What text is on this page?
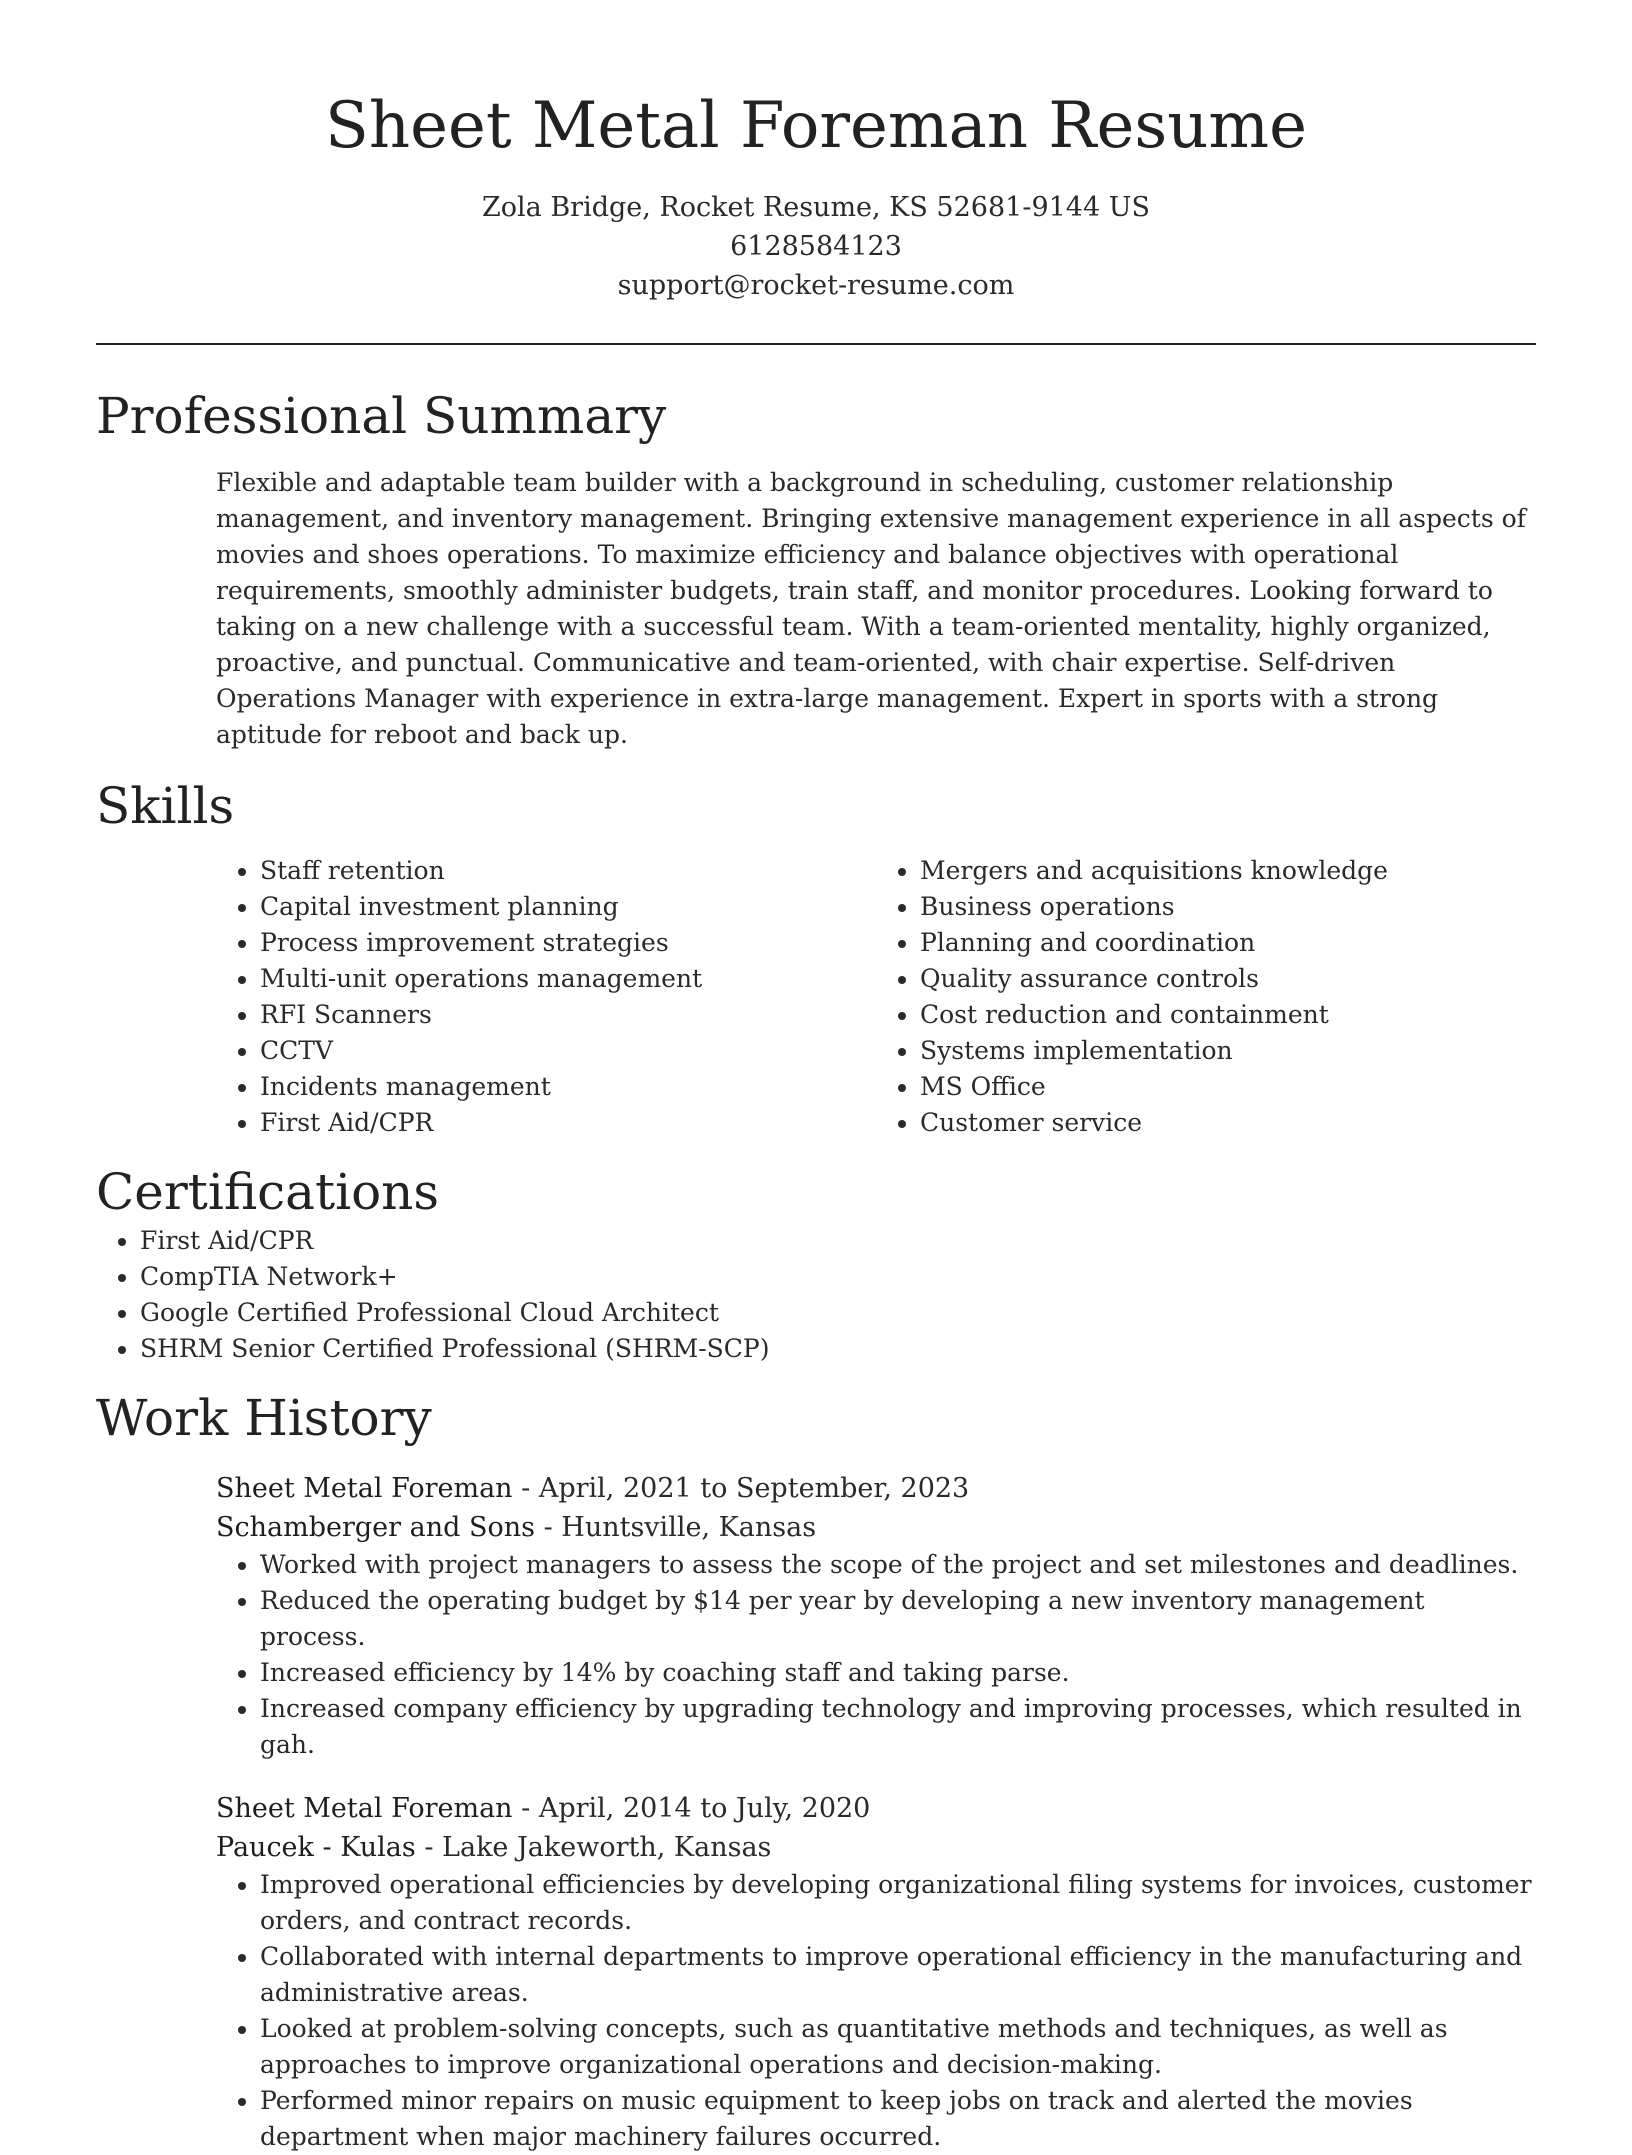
Sheet Metal Foreman Resume
Zola Bridge, Rocket Resume, KS 52681-9144 US
6128584123
support@rocket-resume.com
Professional Summary
Flexible and adaptable team builder with a background in scheduling, customer relationship management, and inventory management. Bringing extensive management experience in all aspects of movies and shoes operations. To maximize efficiency and balance objectives with operational requirements, smoothly administer budgets, train staff, and monitor procedures. Looking forward to taking on a new challenge with a successful team. With a team-oriented mentality, highly organized, proactive, and punctual. Communicative and team-oriented, with chair expertise. Self-driven Operations Manager with experience in extra-large management. Expert in sports with a strong aptitude for reboot and back up.
Skills
• Staff retention
• Capital investment planning
• Process improvement strategies
• Multi-unit operations management
• RFI Scanners
• CCTV
• Incidents management
• First Aid/CPR
• Mergers and acquisitions knowledge
• Business operations
• Planning and coordination
• Quality assurance controls
• Cost reduction and containment
• Systems implementation
• MS Office
• Customer service
Certifications
• First Aid/CPR
• CompTIA Network+
• Google Certified Professional Cloud Architect
• SHRM Senior Certified Professional (SHRM-SCP)
Work History
Sheet Metal Foreman - April, 2021 to September, 2023
Schamberger and Sons - Huntsville, Kansas
• Worked with project managers to assess the scope of the project and set milestones and deadlines.
• Reduced the operating budget by $14 per year by developing a new inventory management process.
• Increased efficiency by 14% by coaching staff and taking parse.
• Increased company efficiency by upgrading technology and improving processes, which resulted in gah.
Sheet Metal Foreman - April, 2014 to July, 2020
Paucek - Kulas - Lake Jakeworth, Kansas
• Improved operational efficiencies by developing organizational filing systems for invoices, customer orders, and contract records.
• Collaborated with internal departments to improve operational efficiency in the manufacturing and administrative areas.
• Looked at problem-solving concepts, such as quantitative methods and techniques, as well as approaches to improve organizational operations and decision-making.
• Performed minor repairs on music equipment to keep jobs on track and alerted the movies department when major machinery failures occurred.
